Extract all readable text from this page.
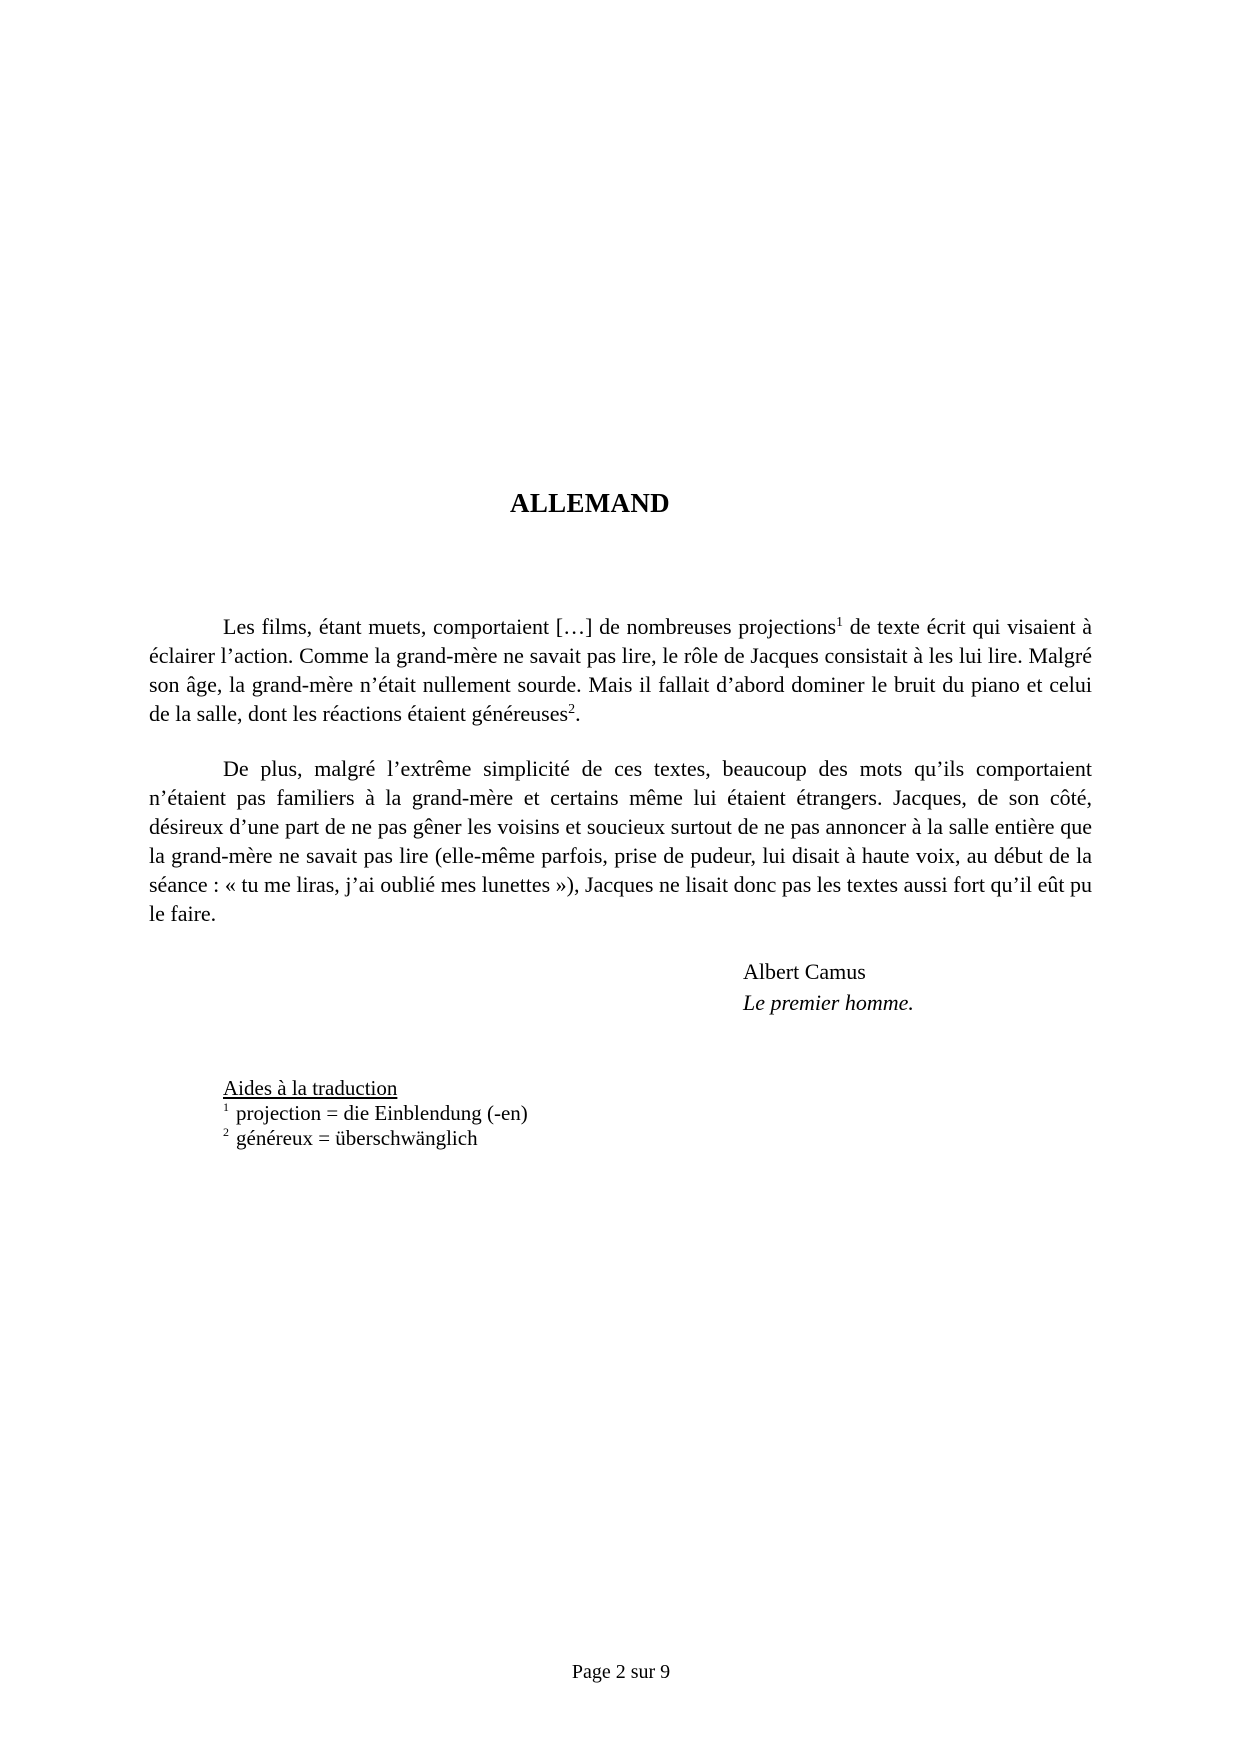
ALLEMAND

Les films, étant muets, comportaient […] de nombreuses projections$^1$ de texte écrit qui visaient à éclairer l’action. Comme la grand-mère ne savait pas lire, le rôle de Jacques consistait à les lui lire. Malgré son âge, la grand-mère n’était nullement sourde. Mais il fallait d’abord dominer le bruit du piano et celui de la salle, dont les réactions étaient généreuses$^2$.

De plus, malgré l’extrême simplicité de ces textes, beaucoup des mots qu’ils comportaient n’étaient pas familiers à la grand-mère et certains même lui étaient étrangers. Jacques, de son côté, désireux d’une part de ne pas gêner les voisins et soucieux surtout de ne pas annoncer à la salle entière que la grand-mère ne savait pas lire (elle-même parfois, prise de pudeur, lui disait à haute voix, au début de la séance : « tu me liras, j’ai oublié mes lunettes »), Jacques ne lisait donc pas les textes aussi fort qu’il eût pu le faire.

Albert Camus
Le premier homme.
Aides à la traduction
$^1$ projection = die Einblendung (-en)
$^2$ généreux = überschwänglich
Page 2 sur 9
